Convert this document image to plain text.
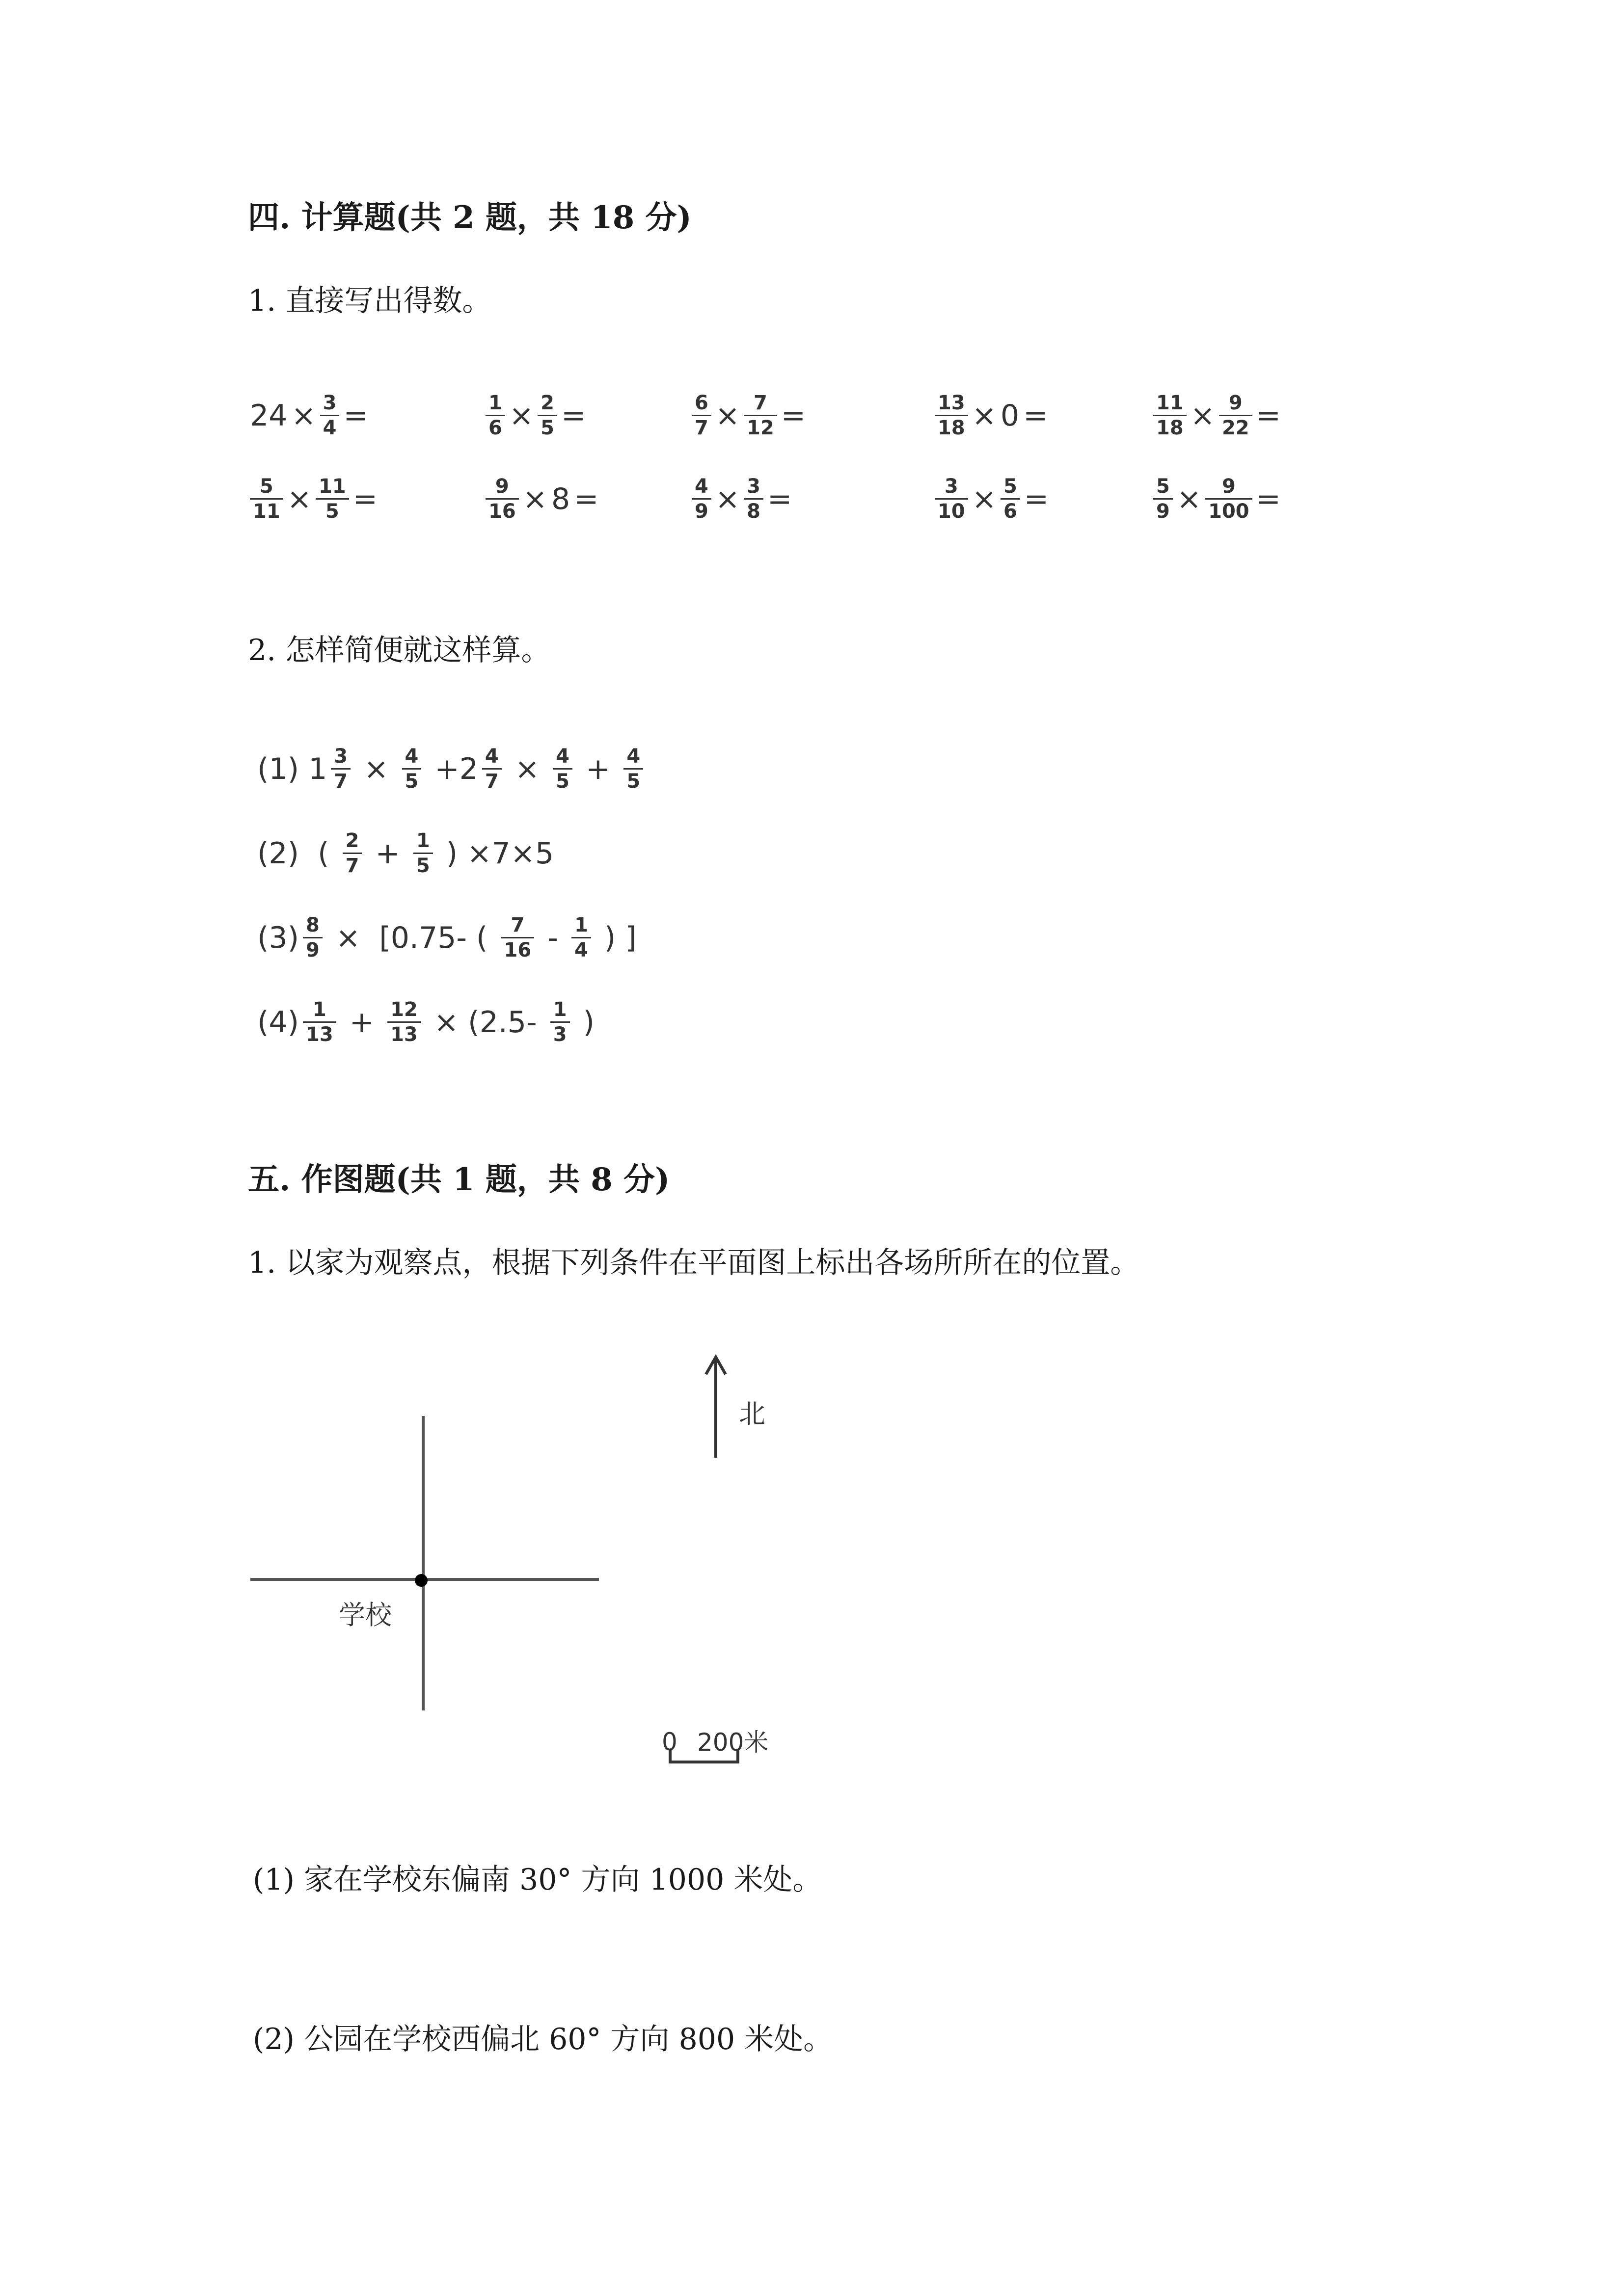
四. 计算题(共 2 题，共 18 分)
1. 直接写出得数。
$24 \times \frac{3}{4}$ =	$\frac{1}{6} \times \frac{2}{5}$ =	$\frac{6}{7} \times \frac{7}{12}$ =	$\frac{13}{18} \times 0$ =	$\frac{11}{18} \times \frac{9}{22}$ =
$\frac{5}{11} \times \frac{11}{5}$ =	$\frac{9}{16} \times 8$ =	$\frac{4}{9} \times \frac{3}{8}$ =	$\frac{3}{10} \times \frac{5}{6}$ =	$\frac{5}{9} \times \frac{9}{100}$ =
2. 怎样简便就这样算。
(1) $1 \frac{3}{7} \times \frac{4}{5} +2 \frac{4}{7} \times \frac{4}{5} + \frac{4}{5}$
(2)  ( $\frac{2}{7} + \frac{1}{5}$ ) ×7×5
$(3) \frac{8}{9} \times [0.75-$ ( $\frac{7}{16} - \frac{1}{4}$ ) ]
$(4) \frac{1}{13} + \frac{12}{13} \times (2.5- \frac{1}{3}$ )
五. 作图题(共 1 题，共 8 分)
1. 以家为观察点，根据下列条件在平面图上标出各场所所在的位置。
北
学校
0 200米
(1) 家在学校东偏南 30° 方向 1000 米处。
(2) 公园在学校西偏北 60° 方向 800 米处。
